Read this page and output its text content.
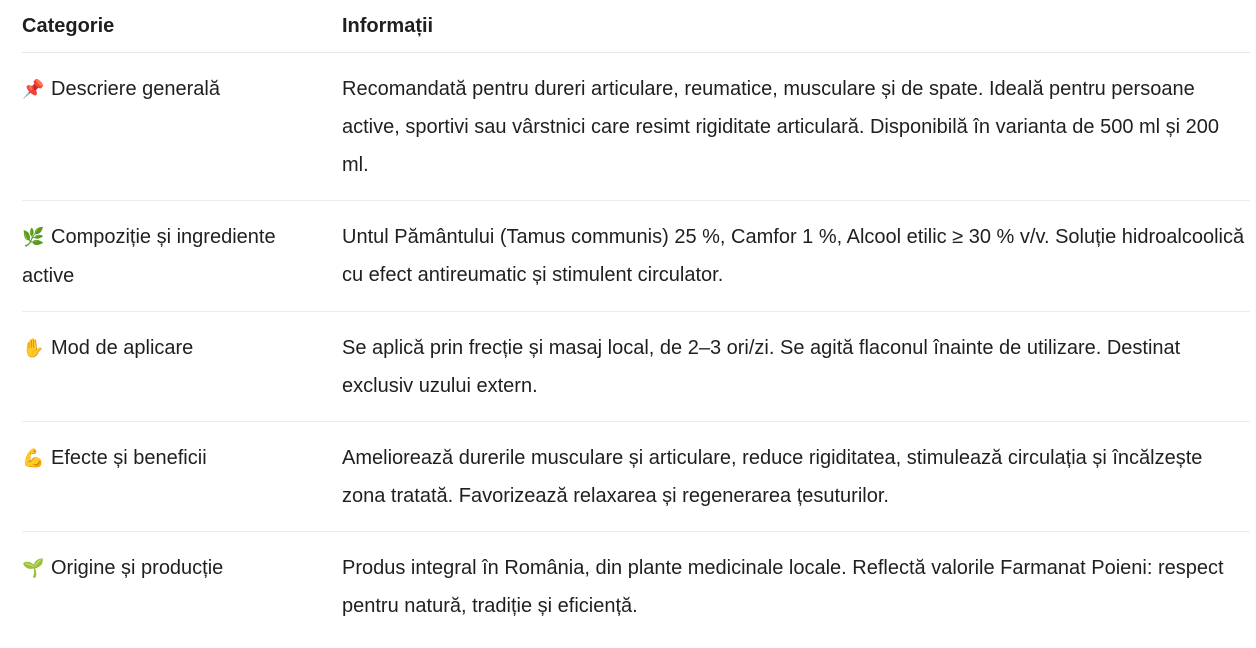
Categorie	Informații

📌 Descriere generală	Recomandată pentru dureri articulare, reumatice, musculare și de spate. Ideală pentru persoane active, sportivi sau vârstnici care resimt rigiditate articulară. Disponibilă în varianta de 500 ml și 200 ml.

🌿 Compoziție și ingrediente active	Untul Pământului (Tamus communis) 25 %, Camfor 1 %, Alcool etilic ≥ 30 % v/v. Soluție hidroalcoolică cu efect antireumatic și stimulent circulator.

✋ Mod de aplicare	Se aplică prin frecție și masaj local, de 2–3 ori/zi. Se agită flaconul înainte de utilizare. Destinat exclusiv uzului extern.

💪 Efecte și beneficii	Ameliorează durerile musculare și articulare, reduce rigiditatea, stimulează circulația și încălzește zona tratată. Favorizează relaxarea și regenerarea țesuturilor.

🌱 Origine și producție	Produs integral în România, din plante medicinale locale. Reflectă valorile Farmanat Poieni: respect pentru natură, tradiție și eficiență.
